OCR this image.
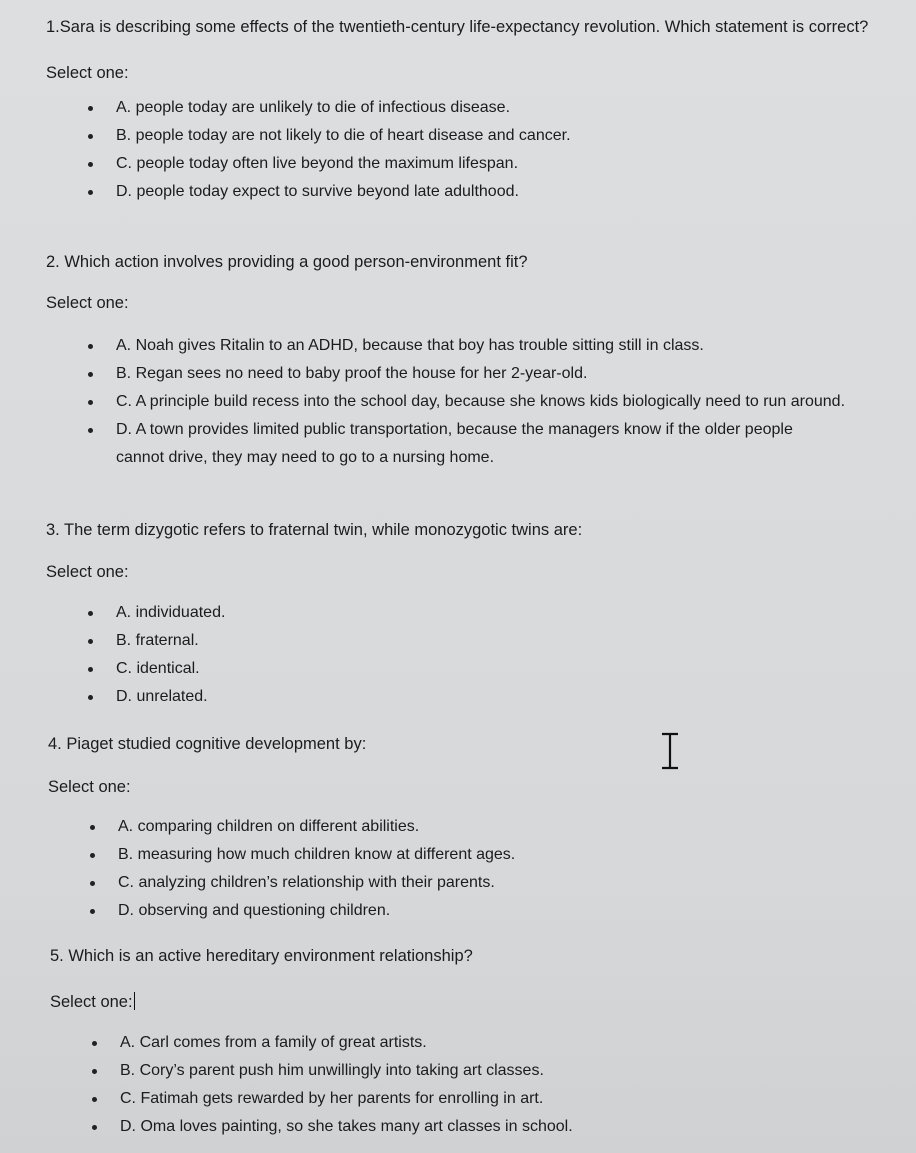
1.Sara is describing some effects of the twentieth-century life-expectancy revolution. Which statement is correct?

Select one:
A. people today are unlikely to die of infectious disease.
B. people today are not likely to die of heart disease and cancer.
C. people today often live beyond the maximum lifespan.
D. people today expect to survive beyond late adulthood.

2. Which action involves providing a good person-environment fit?

Select one:
A. Noah gives Ritalin to an ADHD, because that boy has trouble sitting still in class.
B. Regan sees no need to baby proof the house for her 2-year-old.
C. A principle build recess into the school day, because she knows kids biologically need to run around.
D. A town provides limited public transportation, because the managers know if the older people cannot drive, they may need to go to a nursing home.

3. The term dizygotic refers to fraternal twin, while monozygotic twins are:

Select one:
A. individuated.
B. fraternal.
C. identical.
D. unrelated.

4. Piaget studied cognitive development by:

Select one:
A. comparing children on different abilities.
B. measuring how much children know at different ages.
C. analyzing children’s relationship with their parents.
D. observing and questioning children.

5. Which is an active hereditary environment relationship?

Select one:
A. Carl comes from a family of great artists.
B. Cory’s parent push him unwillingly into taking art classes.
C. Fatimah gets rewarded by her parents for enrolling in art.
D. Oma loves painting, so she takes many art classes in school.
